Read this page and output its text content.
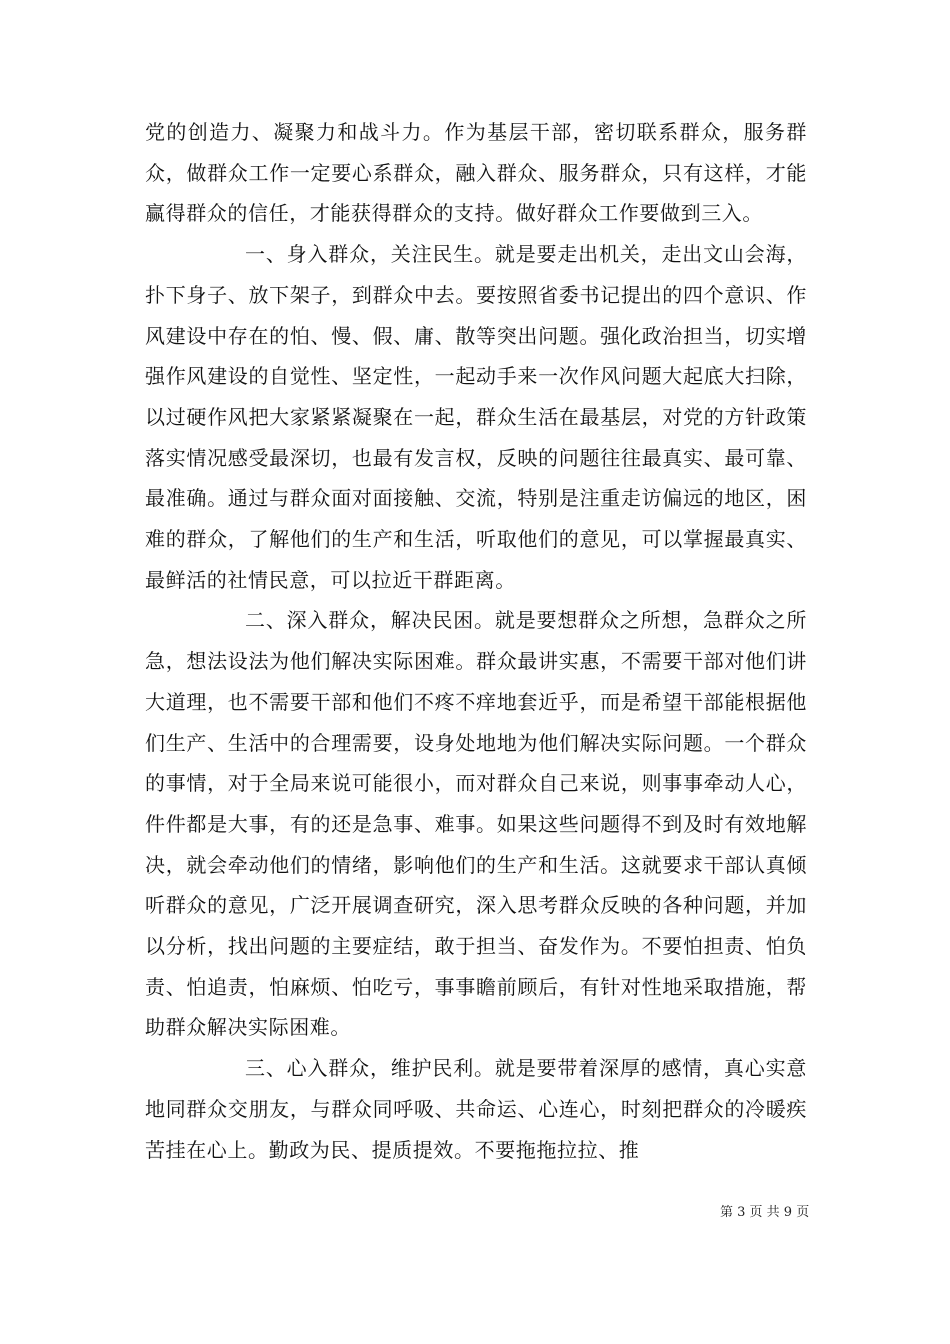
党的创造力、凝聚力和战斗力。作为基层干部，密切联系群众，服务群众，做群众工作一定要心系群众，融入群众、服务群众，只有这样，才能赢得群众的信任，才能获得群众的支持。做好群众工作要做到三入。

一、身入群众，关注民生。就是要走出机关，走出文山会海，扑下身子、放下架子，到群众中去。要按照省委书记提出的四个意识、作风建设中存在的怕、慢、假、庸、散等突出问题。强化政治担当，切实增强作风建设的自觉性、坚定性，一起动手来一次作风问题大起底大扫除，以过硬作风把大家紧紧凝聚在一起，群众生活在最基层，对党的方针政策落实情况感受最深切，也最有发言权，反映的问题往往最真实、最可靠、最准确。通过与群众面对面接触、交流，特别是注重走访偏远的地区，困难的群众，了解他们的生产和生活，听取他们的意见，可以掌握最真实、最鲜活的社情民意，可以拉近干群距离。

二、深入群众，解决民困。就是要想群众之所想，急群众之所急，想法设法为他们解决实际困难。群众最讲实惠，不需要干部对他们讲大道理，也不需要干部和他们不疼不痒地套近乎，而是希望干部能根据他们生产、生活中的合理需要，设身处地地为他们解决实际问题。一个群众的事情，对于全局来说可能很小，而对群众自己来说，则事事牵动人心，件件都是大事，有的还是急事、难事。如果这些问题得不到及时有效地解决，就会牵动他们的情绪，影响他们的生产和生活。这就要求干部认真倾听群众的意见，广泛开展调查研究，深入思考群众反映的各种问题，并加以分析，找出问题的主要症结，敢于担当、奋发作为。不要怕担责、怕负责、怕追责，怕麻烦、怕吃亏，事事瞻前顾后，有针对性地采取措施，帮助群众解决实际困难。

三、心入群众，维护民利。就是要带着深厚的感情，真心实意地同群众交朋友，与群众同呼吸、共命运、心连心，时刻把群众的冷暖疾苦挂在心上。勤政为民、提质提效。不要拖拖拉拉、推

第 3 页 共 9 页
